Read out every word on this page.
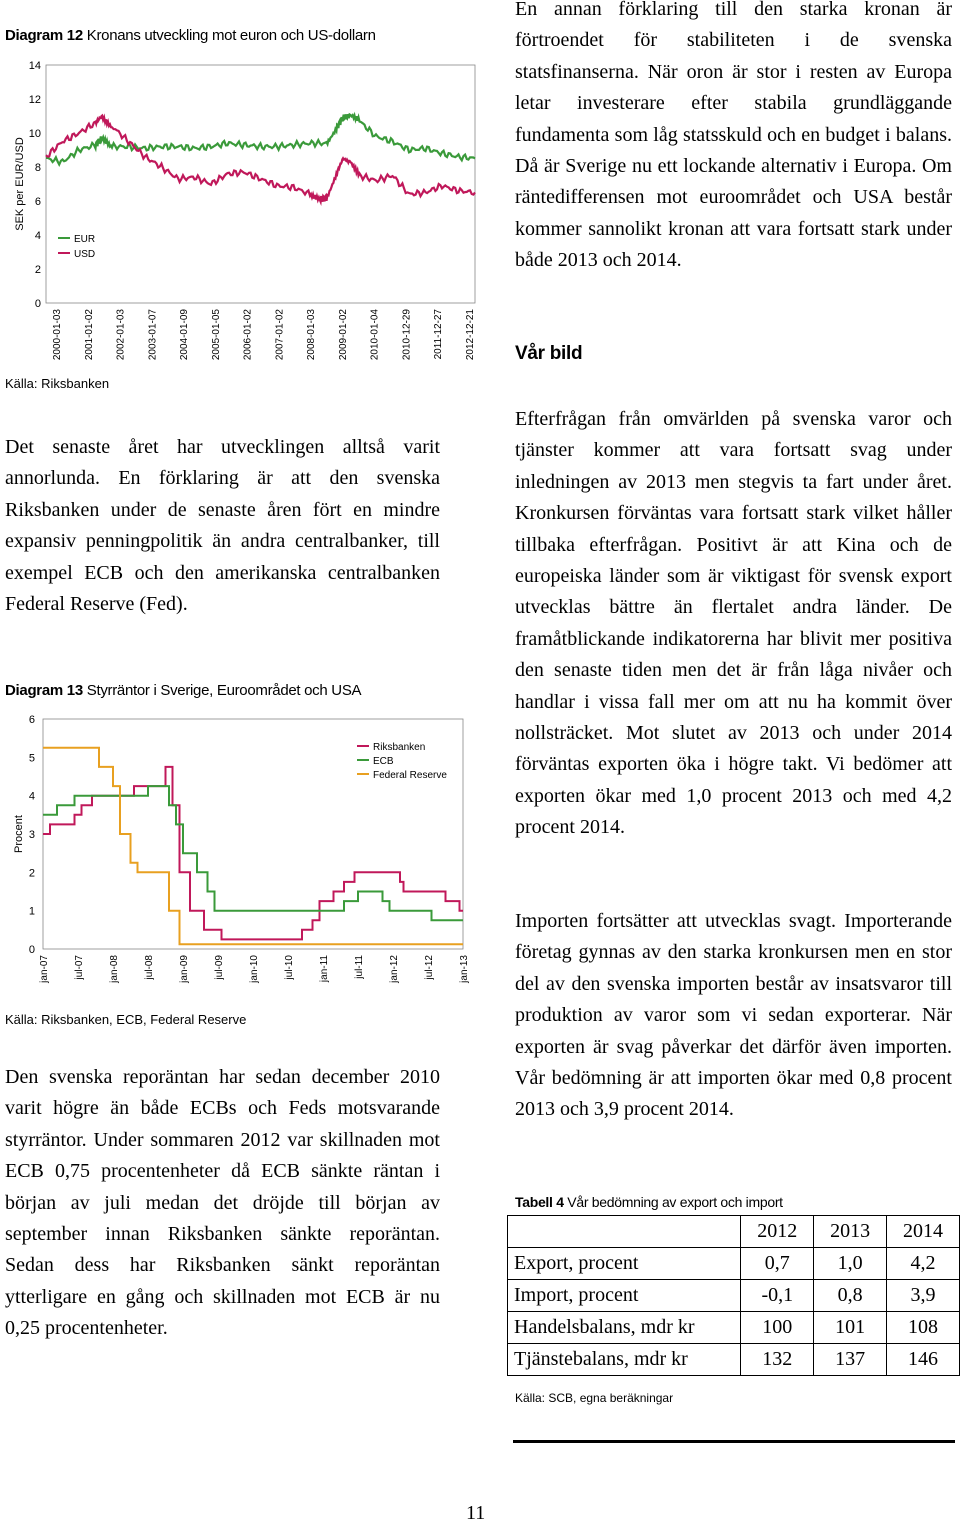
Diagram 12 Kronans utveckling mot euron och US-dollarn
0
2
4
6
8
10
12
14
SEK per EUR/USD
2000-01-03 2001-01-02 2002-01-03 2003-01-07 2004-01-09 2005-01-05 2006-01-02 2007-01-02 2008-01-03 2009-01-02 2010-01-04 2010-12-29 2011-12-27 2012-12-21
EUR
USD
Källa: Riksbanken
Det senaste året har utvecklingen alltså varit annorlunda. En förklaring är att den svenska Riksbanken under de senaste åren fört en mindre expansiv penningpolitik än andra centralbanker, till exempel ECB och den amerikanska centralbanken Federal Reserve (Fed).
Diagram 13 Styrräntor i Sverige, Euroområdet och USA
0
1
2
3
4
5
6
Procent
jan-07 jul-07 jan-08 jul-08 jan-09 jul-09 jan-10 jul-10 jan-11 jul-11 jan-12 jul-12 jan-13
Riksbanken
ECB
Federal Reserve
Källa: Riksbanken, ECB, Federal Reserve
Den svenska reporäntan har sedan december 2010 varit högre än både ECBs och Feds motsvarande styrräntor. Under sommaren 2012 var skillnaden mot ECB 0,75 procentenheter då ECB sänkte räntan i början av juli medan det dröjde till början av september innan Riksbanken sänkte reporäntan. Sedan dess har Riksbanken sänkt reporäntan ytterligare en gång och skillnaden mot ECB är nu 0,25 procentenheter.
En annan förklaring till den starka kronan är förtroendet för stabiliteten i de svenska statsfinanserna. När oron är stor i resten av Europa letar investerare efter stabila grundläggande fundamenta som låg statsskuld och en budget i balans. Då är Sverige nu ett lockande alternativ i Europa. Om räntedifferensen mot euroområdet och USA består kommer sannolikt kronan att vara fortsatt stark under både 2013 och 2014.
Vår bild
Efterfrågan från omvärlden på svenska varor och tjänster kommer att vara fortsatt svag under inledningen av 2013 men stegvis ta fart under året. Kronkursen förväntas vara fortsatt stark vilket håller tillbaka efterfrågan. Positivt är att Kina och de europeiska länder som är viktigast för svensk export utvecklas bättre än flertalet andra länder. De framåtblickande indikatorerna har blivit mer positiva den senaste tiden men det är från låga nivåer och handlar i vissa fall mer om att nu ha kommit över nollsträcket. Mot slutet av 2013 och under 2014 förväntas exporten öka i högre takt. Vi bedömer att exporten ökar med 1,0 procent 2013 och med 4,2 procent 2014.
Importen fortsätter att utvecklas svagt. Importerande företag gynnas av den starka kronkursen men en stor del av den svenska importen består av insatsvaror till produktion av varor som vi sedan exporterar. När exporten är svag påverkar det därför även importen. Vår bedömning är att importen ökar med 0,8 procent 2013 och 3,9 procent 2014.
Tabell 4 Vår bedömning av export och import
	2012	2013	2014
Export, procent	0,7	1,0	4,2
Import, procent	-0,1	0,8	3,9
Handelsbalans, mdr kr	100	101	108
Tjänstebalans, mdr kr	132	137	146
Källa: SCB, egna beräkningar
11
